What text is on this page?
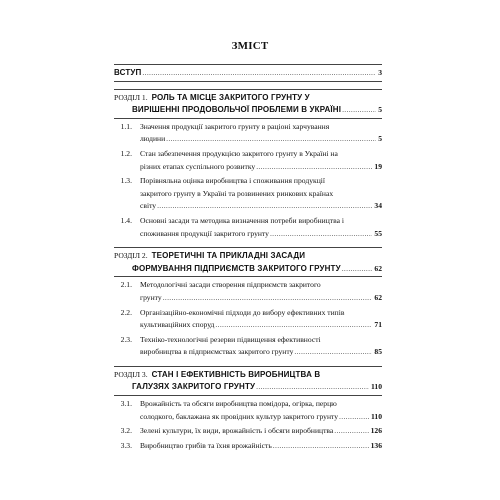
ЗМІСТ
ВСТУП .....	3
РОЗДІЛ 1. РОЛЬ ТА МІСЦЕ ЗАКРИТОГО ГРУНТУ У
ВИРІШЕННІ ПРОДОВОЛЬЧОЇ ПРОБЛЕМИ В УКРАЇНІ .....	5
1.1.	Значення продукції закритого грунту в раціоні харчування
людини .....	5
1.2.	Стан забезпечення продукцією закритого грунту в Україні на
різних етапах суспільного розвитку .....	19
1.3.	Порівняльна оцінка виробництва і споживання продукції
закритого грунту в Україні та розвинених ринкових країнах
світу .....	34
1.4.	Основні засади та методика визначення потреби виробництва і
споживання продукції закритого грунту .....	55
РОЗДІЛ 2. ТЕОРЕТИЧНІ ТА ПРИКЛАДНІ ЗАСАДИ
ФОРМУВАННЯ ПІДПРИЄМСТВ ЗАКРИТОГО ГРУНТУ .....	62
2.1.	Методологічні засади створення підприємств закритого
грунту .....	62
2.2.	Організаційно-економічні підходи до вибору ефективних типів
культиваційних споруд .....	71
2.3.	Техніко-технологічні резерви підвищення ефективності
виробництва в підприємствах закритого грунту .....	85
РОЗДІЛ 3. СТАН І ЕФЕКТИВНІСТЬ ВИРОБНИЦТВА В
ГАЛУЗЯХ ЗАКРИТОГО ГРУНТУ .....	110
3.1.	Врожайність та обсяги виробництва помідора, огірка, перцю
солодкого, баклажана як провідних культур закритого грунту .....	110
3.2.	Зелені культури, їх види, врожайність і обсяги виробництва .....	126
3.3.	Виробництво грибів та їхня врожайність .....	136
